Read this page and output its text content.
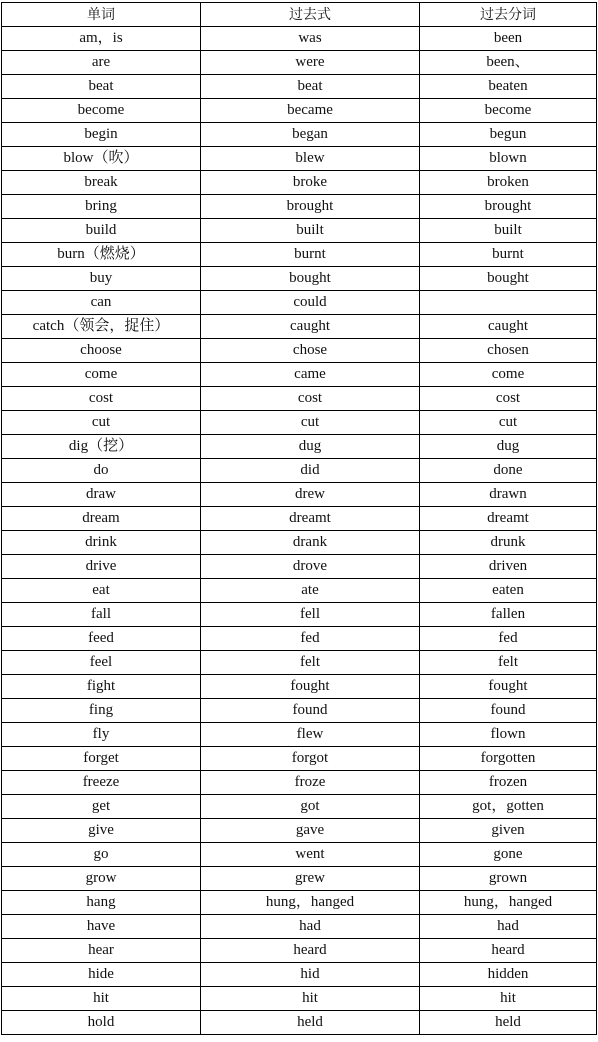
单词	过去式	过去分词
am，is	was	been
are	were	been、
beat	beat	beaten
become	became	become
begin	began	begun
blow（吹）	blew	blown
break	broke	broken
bring	brought	brought
build	built	built
burn（燃烧）	burnt	burnt
buy	bought	bought
can	could	
catch（领会，捉住）	caught	caught
choose	chose	chosen
come	came	come
cost	cost	cost
cut	cut	cut
dig（挖）	dug	dug
do	did	done
draw	drew	drawn
dream	dreamt	dreamt
drink	drank	drunk
drive	drove	driven
eat	ate	eaten
fall	fell	fallen
feed	fed	fed
feel	felt	felt
fight	fought	fought
fing	found	found
fly	flew	flown
forget	forgot	forgotten
freeze	froze	frozen
get	got	got，gotten
give	gave	given
go	went	gone
grow	grew	grown
hang	hung，hanged	hung，hanged
have	had	had
hear	heard	heard
hide	hid	hidden
hit	hit	hit
hold	held	held
